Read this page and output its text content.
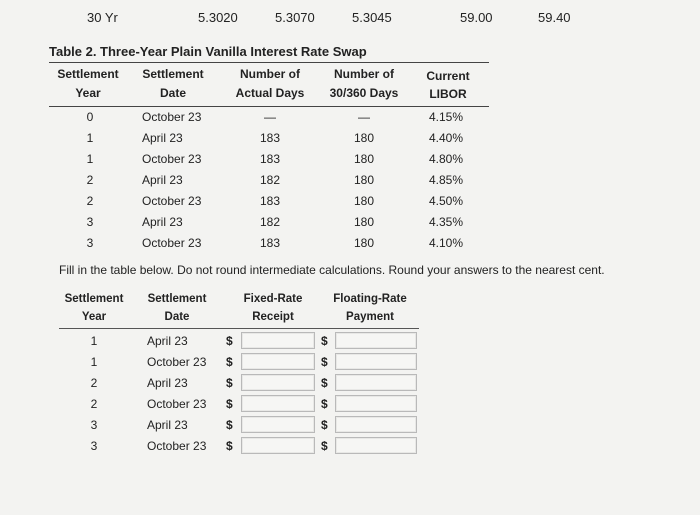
30 Yr	5.3020	5.3070	5.3045	59.00	59.40
Table 2. Three-Year Plain Vanilla Interest Rate Swap
Settlement
Year
Settlement
Date
Number of
Actual Days
Number of
30/360 Days
Current
LIBOR
0	October 23	—	—	4.15%
1	April 23	183	180	4.40%
1	October 23	183	180	4.80%
2	April 23	182	180	4.85%
2	October 23	183	180	4.50%
3	April 23	182	180	4.35%
3	October 23	183	180	4.10%
Fill in the table below. Do not round intermediate calculations. Round your answers to the nearest cent.
Settlement
Year
Settlement
Date
Fixed-Rate
Receipt
Floating-Rate
Payment
1	April 23	$	$
1	October 23 $	$
2	April 23	$	$
2	October 23 $	$
3	April 23	$	$
3	October 23 $	$
